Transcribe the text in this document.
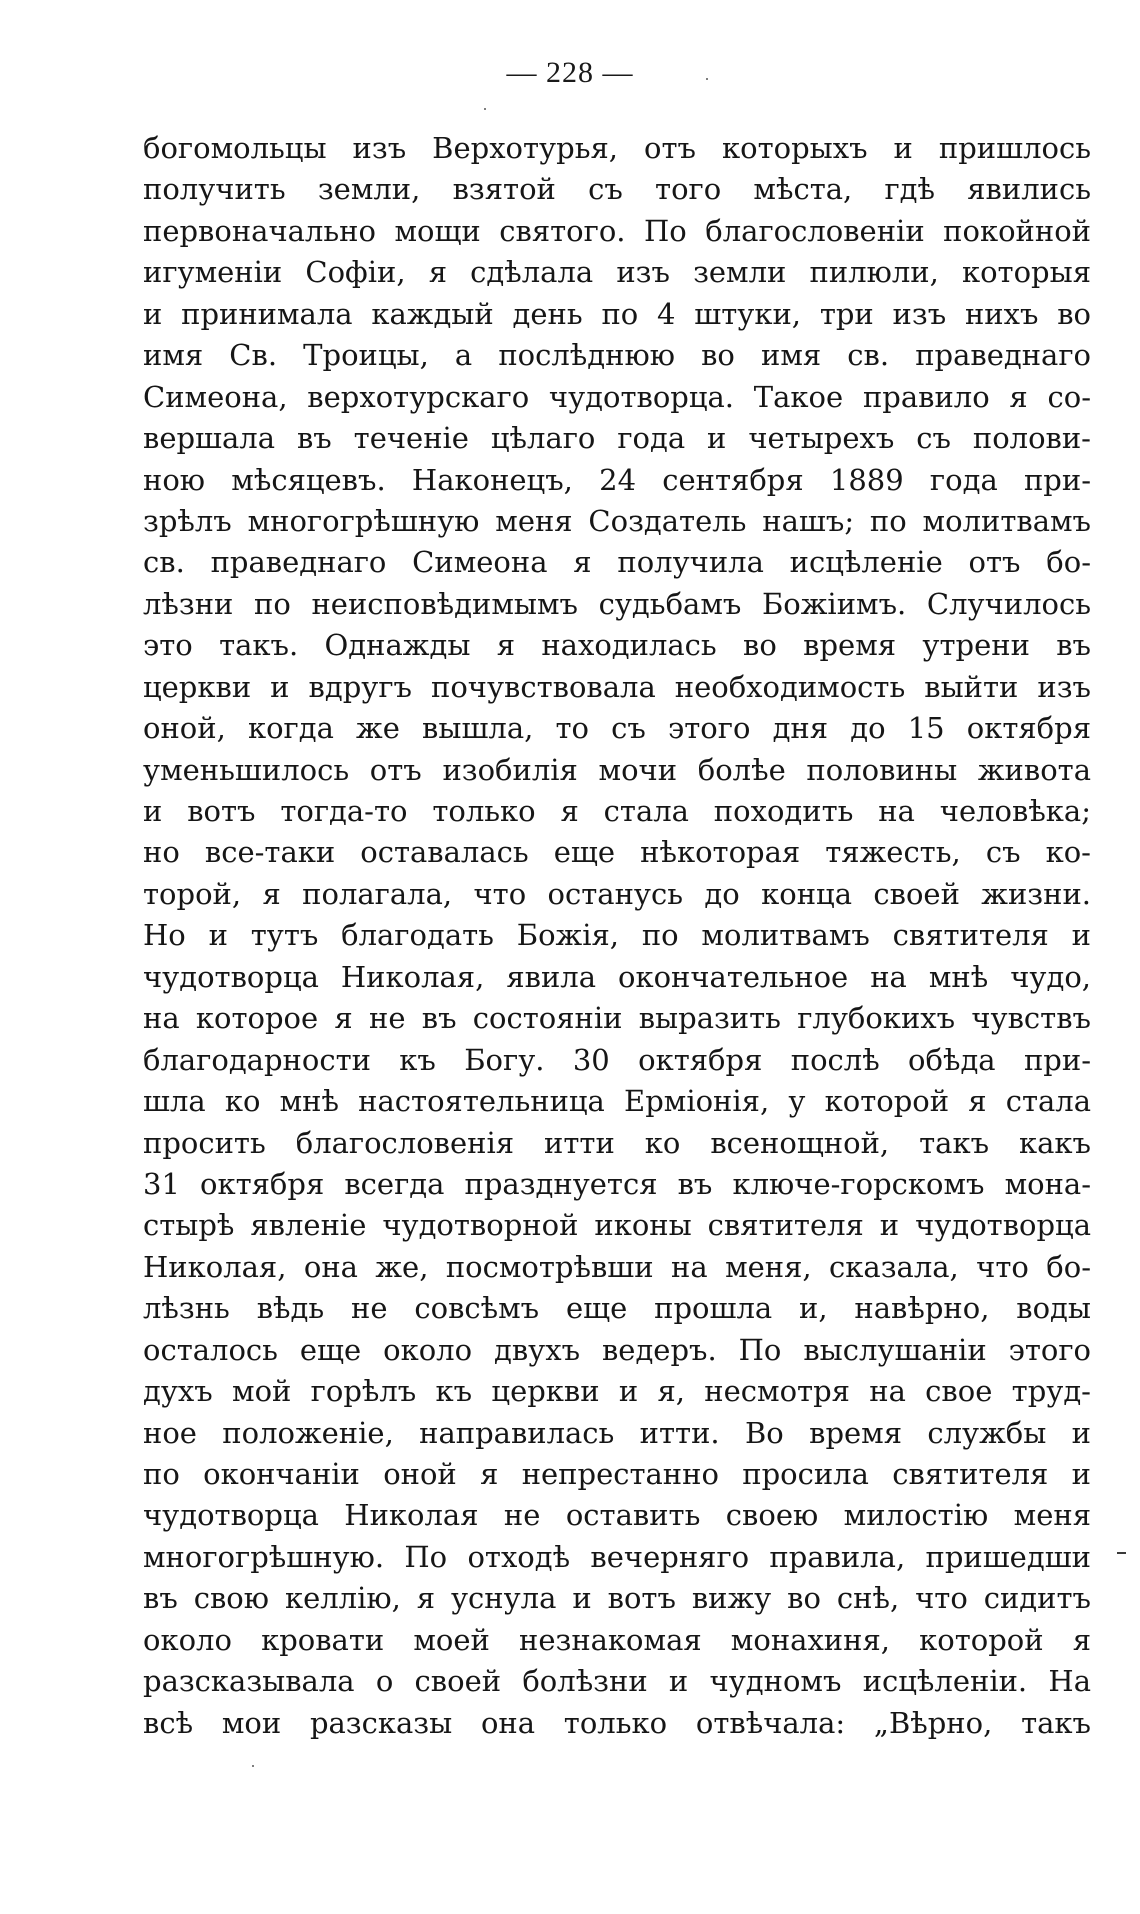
— 228 —
богомольцы изъ Верхотурья, отъ которыхъ и пришлось
получить земли, взятой съ того мѣста, гдѣ явились
первоначально мощи святого. По благословеніи покойной
игуменіи Софіи, я сдѣлала изъ земли пилюли, которыя
и принимала каждый день по 4 штуки, три изъ нихъ во
имя Св. Троицы, а послѣднюю во имя св. праведнаго
Симеона, верхотурскаго чудотворца. Такое правило я со-
вершала въ теченіе цѣлаго года и четырехъ съ полови-
ною мѣсяцевъ. Наконецъ, 24 сентября 1889 года при-
зрѣлъ многогрѣшную меня Создатель нашъ; по молитвамъ
св. праведнаго Симеона я получила исцѣленіе отъ бо-
лѣзни по неисповѣдимымъ судьбамъ Божіимъ. Случилось
это такъ. Однажды я находилась во время утрени въ
церкви и вдругъ почувствовала необходимость выйти изъ
оной, когда же вышла, то съ этого дня до 15 октября
уменьшилось отъ изобилія мочи болѣе половины живота
и вотъ тогда-то только я стала походить на человѣка;
но все-таки оставалась еще нѣкоторая тяжесть, съ ко-
торой, я полагала, что останусь до конца своей жизни.
Но и тутъ благодать Божія, по молитвамъ святителя и
чудотворца Николая, явила окончательное на мнѣ чудо,
на которое я не въ состояніи выразить глубокихъ чувствъ
благодарности къ Богу. 30 октября послѣ обѣда при-
шла ко мнѣ настоятельница Ерміонія, у которой я стала
просить благословенія итти ко всенощной, такъ какъ
31 октября всегда празднуется въ ключе-горскомъ мона-
стырѣ явленіе чудотворной иконы святителя и чудотворца
Николая, она же, посмотрѣвши на меня, сказала, что бо-
лѣзнь вѣдь не совсѣмъ еще прошла и, навѣрно, воды
осталось еще около двухъ ведеръ. По выслушаніи этого
духъ мой горѣлъ къ церкви и я, несмотря на свое труд-
ное положеніе, направилась итти. Во время службы и
по окончаніи оной я непрестанно просила святителя и
чудотворца Николая не оставить своею милостію меня
многогрѣшную. По отходѣ вечерняго правила, пришедши
въ свою келлію, я уснула и вотъ вижу во снѣ, что сидитъ
около кровати моей незнакомая монахиня, которой я
разсказывала о своей болѣзни и чудномъ исцѣленіи. На
всѣ мои разсказы она только отвѣчала: „Вѣрно, такъ
